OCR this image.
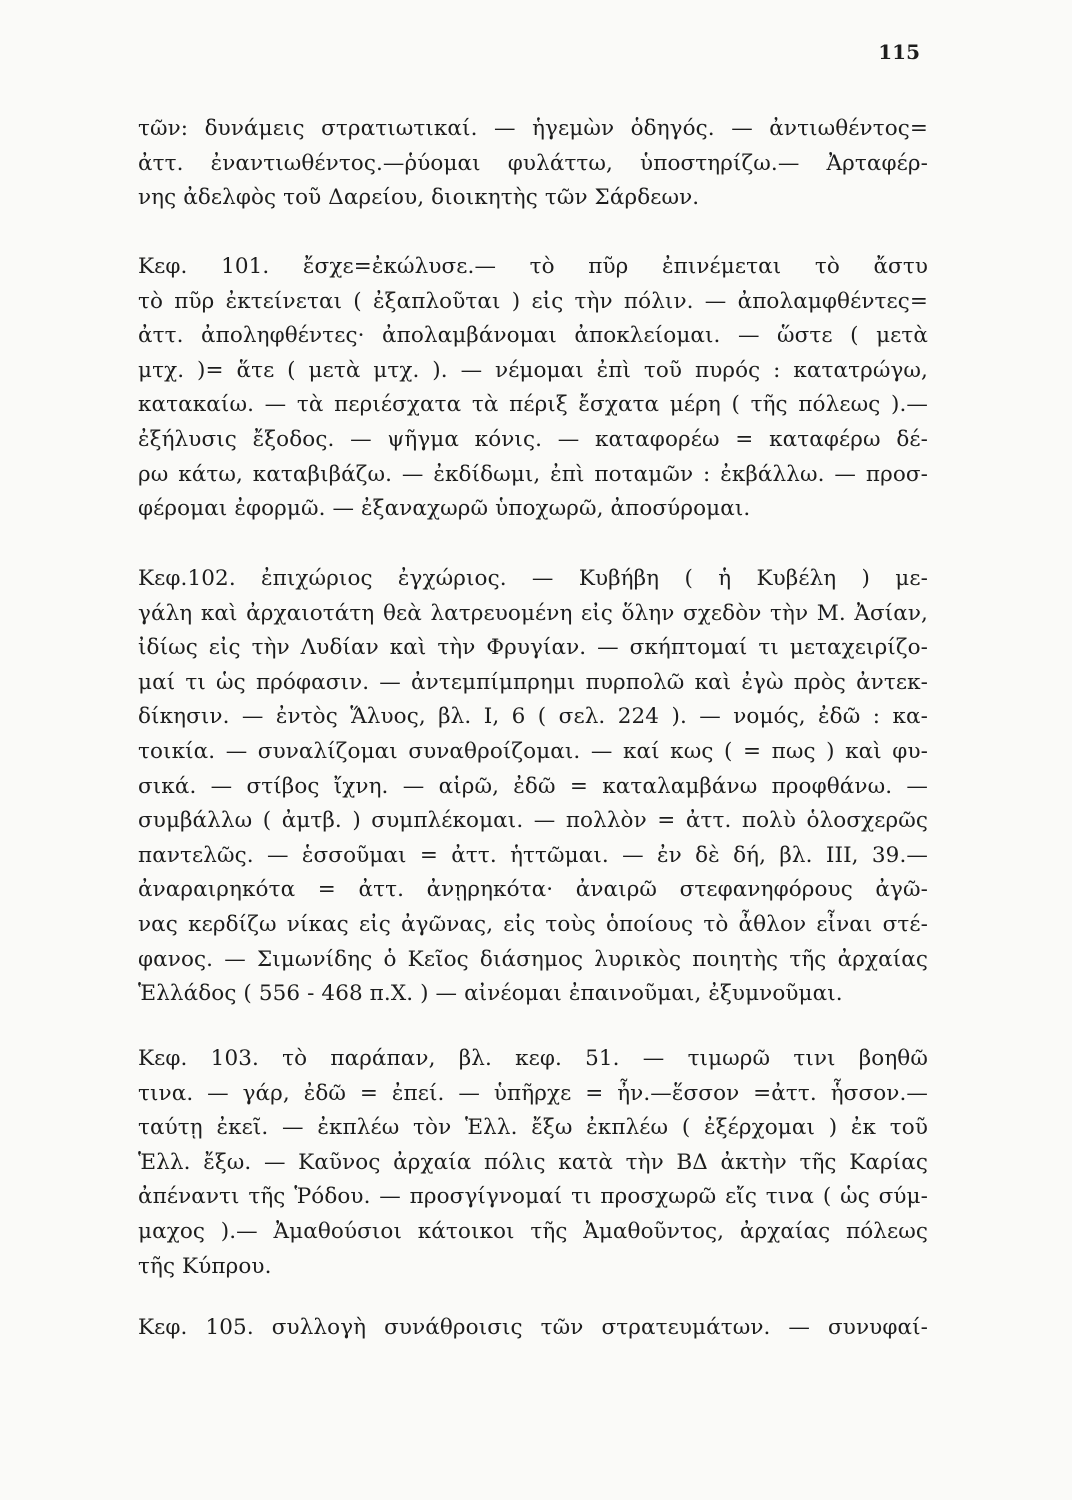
115
τῶν: δυνάμεις στρατιωτικαί. — ἡγεμὼν ὁδηγός. — ἀντιωθέντος=
ἀττ. ἐναντιωθέντος.—ῥύομαι φυλάττω, ὑποστηρίζω.— Ἀρταφέρ-
νης ἀδελφὸς τοῦ Δαρείου, διοικητὴς τῶν Σάρδεων.
Κεφ. 101. ἔσχε=ἐκώλυσε.— τὸ πῦρ ἐπινέμεται τὸ ἄστυ
τὸ πῦρ ἐκτείνεται ( ἐξαπλοῦται ) εἰς τὴν πόλιν. — ἀπολαμφθέντες=
ἀττ. ἀποληφθέντες· ἀπολαμβάνομαι ἀποκλείομαι. — ὥστε ( μετὰ
μτχ. )= ἅτε ( μετὰ μτχ. ). — νέμομαι ἐπὶ τοῦ πυρός : κατατρώγω,
κατακαίω. — τὰ περιέσχατα τὰ πέριξ ἔσχατα μέρη ( τῆς πόλεως ).—
ἐξήλυσις ἔξοδος. — ψῆγμα κόνις. — καταφορέω = καταφέρω δέ-
ρω κάτω, καταβιβάζω. — ἐκδίδωμι, ἐπὶ ποταμῶν : ἐκβάλλω. — προσ-
φέρομαι ἐφορμῶ. — ἐξαναχωρῶ ὑποχωρῶ, ἀποσύρομαι.
Κεφ.102. ἐπιχώριος ἐγχώριος. — Κυβήβη ( ἡ Κυβέλη ) με-
γάλη καὶ ἀρχαιοτάτη θεὰ λατρευομένη εἰς ὅλην σχεδὸν τὴν Μ. Ἀσίαν,
ἰδίως εἰς τὴν Λυδίαν καὶ τὴν Φρυγίαν. — σκήπτομαί τι μεταχειρίζο-
μαί τι ὡς πρόφασιν. — ἀντεμπίμπρημι πυρπολῶ καὶ ἐγὼ πρὸς ἀντεκ-
δίκησιν. — ἐντὸς Ἅλυος, βλ. I, 6 ( σελ. 224 ). — νομός, ἐδῶ : κα-
τοικία. — συναλίζομαι συναθροίζομαι. — καί κως ( = πως ) καὶ φυ-
σικά. — στίβος ἴχνη. — αἱρῶ, ἐδῶ = καταλαμβάνω προφθάνω. —
συμβάλλω ( ἀμτβ. ) συμπλέκομαι. — πολλὸν = ἀττ. πολὺ ὁλοσχερῶς
παντελῶς. — ἑσσοῦμαι = ἀττ. ἡττῶμαι. — ἐν δὲ δή, βλ. III, 39.—
ἀναραιρηκότα = ἀττ. ἀνῃρηκότα· ἀναιρῶ στεφανηφόρους ἀγῶ-
νας κερδίζω νίκας εἰς ἀγῶνας, εἰς τοὺς ὁποίους τὸ ἆθλον εἶναι στέ-
φανος. — Σιμωνίδης ὁ Κεῖος διάσημος λυρικὸς ποιητὴς τῆς ἀρχαίας
Ἑλλάδος ( 556 - 468 π.Χ. ) — αἰνέομαι ἐπαινοῦμαι, ἐξυμνοῦμαι.
Κεφ. 103. τὸ παράπαν, βλ. κεφ. 51. — τιμωρῶ τινι βοηθῶ
τινα. — γάρ, ἐδῶ = ἐπεί. — ὑπῆρχε = ἦν.—ἕσσον =ἀττ. ἧσσον.—
ταύτῃ ἐκεῖ. — ἐκπλέω τὸν Ἑλλ. ἔξω ἐκπλέω ( ἐξέρχομαι ) ἐκ τοῦ
Ἑλλ. ἔξω. — Καῦνος ἀρχαία πόλις κατὰ τὴν ΒΔ ἀκτὴν τῆς Καρίας
ἀπέναντι τῆς Ῥόδου. — προσγίγνομαί τι προσχωρῶ εἴς τινα ( ὡς σύμ-
μαχος ).— Ἀμαθούσιοι κάτοικοι τῆς Ἀμαθοῦντος, ἀρχαίας πόλεως
τῆς Κύπρου.
Κεφ. 105. συλλογὴ συνάθροισις τῶν στρατευμάτων. — συνυφαί-
